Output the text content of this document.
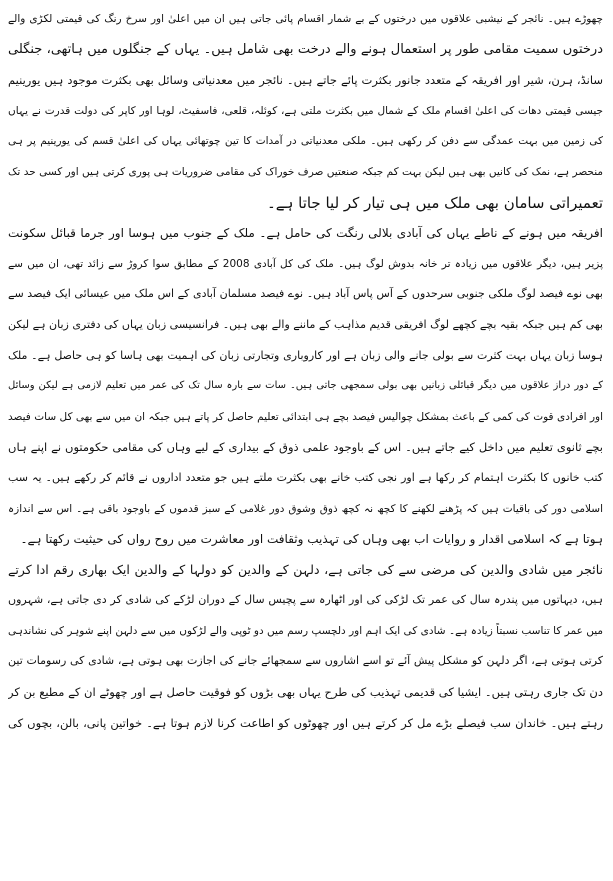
چھوڑے ہیں۔ نائجر کے نیشبی علاقوں میں درختوں کے بے شمار اقسام پائی جاتی ہیں ان میں اعلیٰ اور سرخ رنگ کی قیمتی لکڑی والے
درختوں سمیت مقامی طور پر استعمال ہونے والے درخت بھی شامل ہیں۔ یہاں کے جنگلوں میں ہاتھی، جنگلی
سانڈ، ہرن، شیر اور افریقہ کے متعدد جانور بکثرت پائے جاتے ہیں۔ نائجر میں معدنیاتی وسائل بھی بکثرت موجود ہیں یورینیم
جیسی قیمتی دھات کی اعلیٰ اقسام ملک کے شمال میں بکثرت ملتی ہے، کوئلہ، قلعی، فاسفیٹ، لوہا اور کاپر کی دولت قدرت نے یہاں
کی زمین میں بہت عمدگی سے دفن کر رکھی ہیں۔ ملکی معدنیاتی در آمدات کا تین چوتھائی یہاں کی اعلیٰ قسم کی یورینیم پر ہی
منحصر ہے، نمک کی کانیں بھی ہیں لیکن بہت کم جبکہ صنعتیں صرف خوراک کی مقامی ضروریات ہی پوری کرتی ہیں اور کسی حد تک
تعمیراتی سامان بھی ملک میں ہی تیار کر لیا جاتا ہے۔
افریقہ میں ہونے کے ناطے یہاں کی آبادی بلالی رنگت کی حامل ہے۔ ملک کے جنوب میں ہوسا اور جرما قبائل سکونت
پزیر ہیں، دیگر علاقوں میں زیادہ تر خانہ بدوش لوگ ہیں۔ ملک کی کل آبادی 2008 کے مطابق سوا کروڑ سے زائد تھی، ان میں سے
بھی نوے فیصد لوگ ملکی جنوبی سرحدوں کے آس پاس آباد ہیں۔ نوے فیصد مسلمان آبادی کے اس ملک میں عیسائی ایک فیصد سے
بھی کم ہیں جبکہ بقیہ بچے کچھے لوگ افریقی قدیم مذاہب کے ماننے والے بھی ہیں۔ فرانسیسی زبان یہاں کی دفتری زبان ہے لیکن
ہوسا زبان یہاں بہت کثرت سے بولی جانے والی زبان ہے اور کاروباری وتجارتی زبان کی اہمیت بھی ہاسا کو ہی حاصل ہے۔ ملک
کے دور دراز علاقوں میں دیگر قبائلی زبانیں بھی بولی سمجھی جاتی ہیں۔ سات سے بارہ سال تک کی عمر میں تعلیم لازمی ہے لیکن وسائل
اور افرادی قوت کی کمی کے باعث بمشکل چوالیس فیصد بچے ہی ابتدائی تعلیم حاصل کر پاتے ہیں جبکہ ان میں سے بھی کل سات فیصد
بچے ثانوی تعلیم میں داخل کیے جاتے ہیں۔ اس کے باوجود علمی ذوق کے بیداری کے لیے وہاں کی مقامی حکومتوں نے اپنے ہاں
کتب خانوں کا بکثرت اہتمام کر رکھا ہے اور نجی کتب خانے بھی بکثرت ملتے ہیں جو متعدد اداروں نے قائم کر رکھے ہیں۔ یہ سب
اسلامی دور کی باقیات ہیں کہ پڑھنے لکھنے کا کچھ نہ کچھ ذوق وشوق دور غلامی کے سبز قدموں کے باوجود باقی ہے۔ اس سے اندازہ
ہوتا ہے کہ اسلامی اقدار و روایات اب بھی وہاں کی تہذیب وثقافت اور معاشرت میں روح رواں کی حیثیت رکھتا ہے۔
نائجر میں شادی والدین کی مرضی سے کی جاتی ہے، دلہن کے والدین کو دولہا کے والدین ایک بھاری رقم ادا کرتے
ہیں، دیہاتوں میں پندرہ سال کی عمر تک لڑکی کی اور اٹھارہ سے پچیس سال کے دوران لڑکے کی شادی کر دی جاتی ہے، شہروں
میں عمر کا تناسب نسبتاً زیادہ ہے۔ شادی کی ایک اہم اور دلچسپ رسم میں دو ٹوپی والے لڑکوں میں سے دلہن اپنے شوہر کی نشاندہی
کرتی ہوتی ہے، اگر دلہن کو مشکل پیش آئے تو اسے اشاروں سے سمجھائے جانے کی اجازت بھی ہوتی ہے، شادی کی رسومات تین
دن تک جاری رہتی ہیں۔ ایشیا کی قدیمی تہذیب کی طرح یہاں بھی بڑوں کو فوقیت حاصل ہے اور چھوٹے ان کے مطیع بن کر
رہتے ہیں۔ خاندان سب فیصلے بڑے مل کر کرتے ہیں اور چھوٹوں کو اطاعت کرنا لازم ہوتا ہے۔ خواتین پانی، بالن، بچوں کی
